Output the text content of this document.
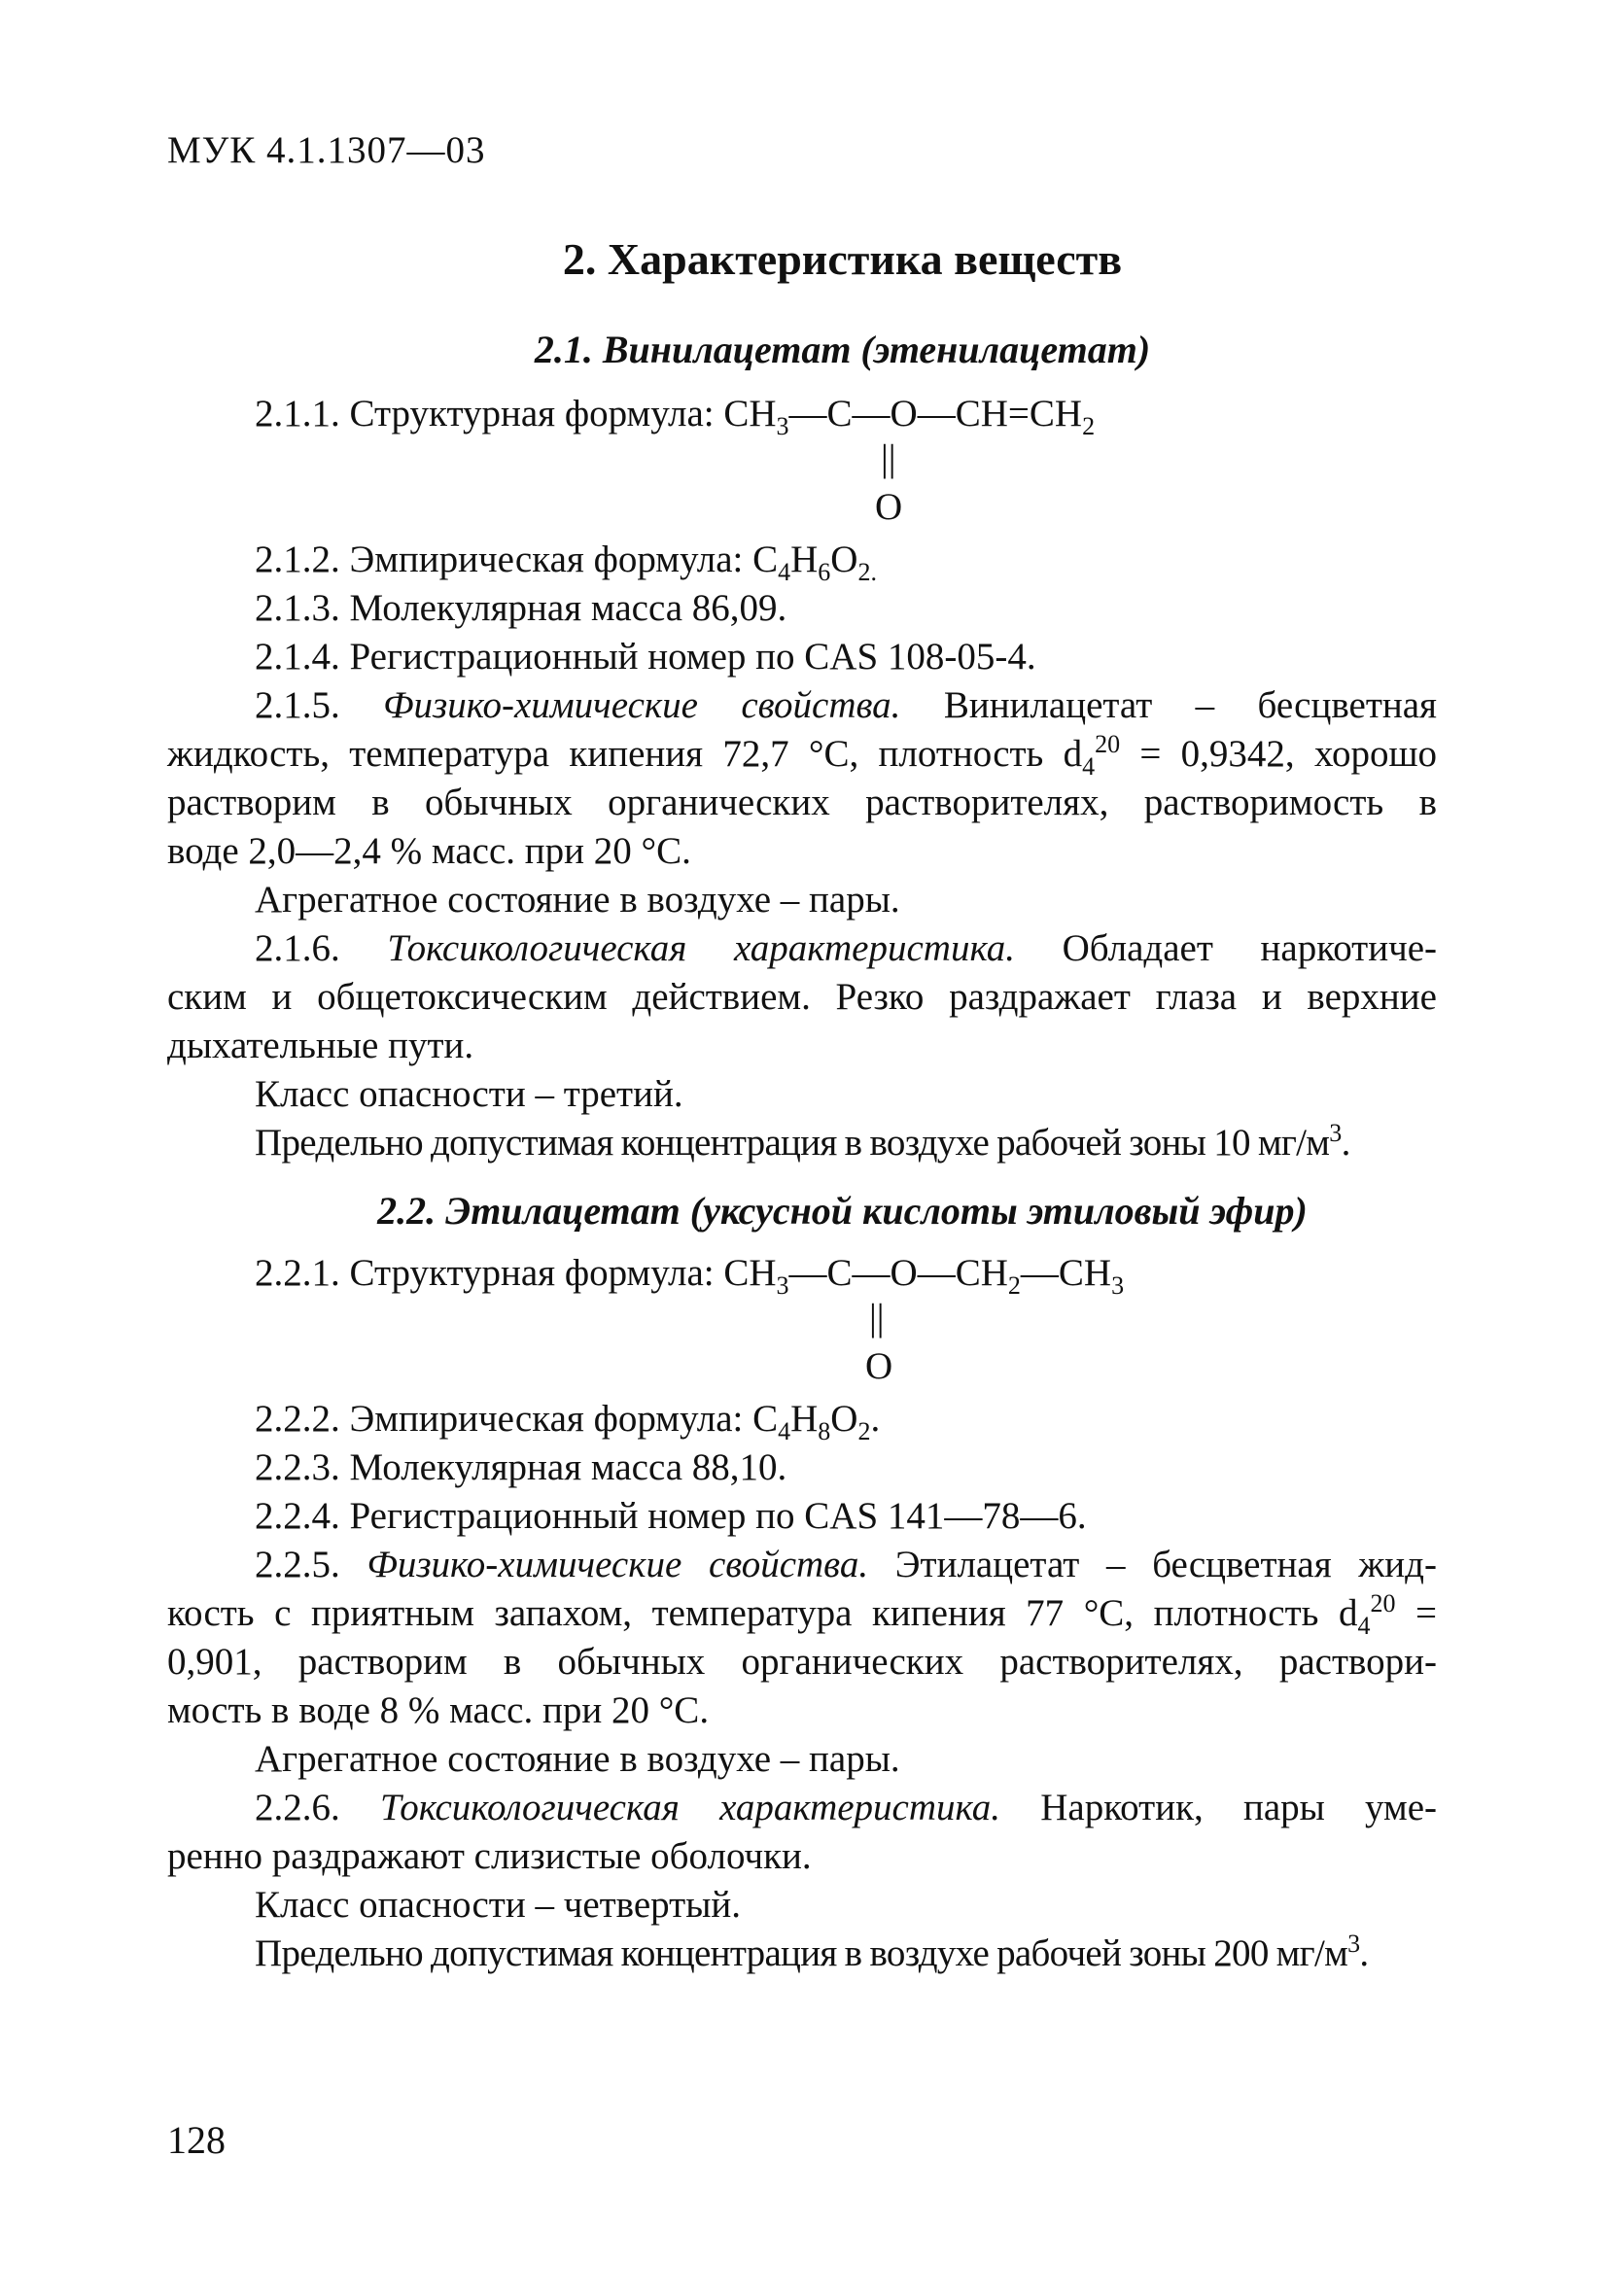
МУК 4.1.1307—03
2. Характеристика веществ
2.1. Винилацетат (этенилацетат)
2.1.1. Структурная формула: $CH_3—C—O—CH=CH_2$
||
O
2.1.2. Эмпирическая формула: $C_4H_6O_{2.}$
2.1.3. Молекулярная масса 86,09.
2.1.4. Регистрационный номер по CAS 108-05-4.
2.1.5. Физико-химические свойства. Винилацетат – бесцветная
жидкость, температура кипения 72,7 °С, плотность $d_4^{20} = 0,9342$, хорошо
растворим в обычных органических растворителях, растворимость в
воде 2,0—2,4 % масс. при 20 °С.
Агрегатное состояние в воздухе – пары.
2.1.6. Токсикологическая характеристика. Обладает наркотиче-
ским и общетоксическим действием. Резко раздражает глаза и верхние
дыхательные пути.
Класс опасности – третий.
Предельно допустимая концентрация в воздухе рабочей зоны 10 $мг/м^3$.
2.2. Этилацетат (уксусной кислоты этиловый эфир)
2.2.1. Структурная формула: $CH_3—C—O—CH_2—CH_3$
||
O
2.2.2. Эмпирическая формула: $C_4H_8O_2$.
2.2.3. Молекулярная масса 88,10.
2.2.4. Регистрационный номер по CAS 141—78—6.
2.2.5. Физико-химические свойства. Этилацетат – бесцветная жид-
кость с приятным запахом, температура кипения 77 °С, плотность $d_4^{20}$ =
0,901, растворим в обычных органических растворителях, раствори-
мость в воде 8 % масс. при 20 °С.
Агрегатное состояние в воздухе – пары.
2.2.6. Токсикологическая характеристика. Наркотик, пары уме-
ренно раздражают слизистые оболочки.
Класс опасности – четвертый.
Предельно допустимая концентрация в воздухе рабочей зоны 200 $мг/м^3$.
128
